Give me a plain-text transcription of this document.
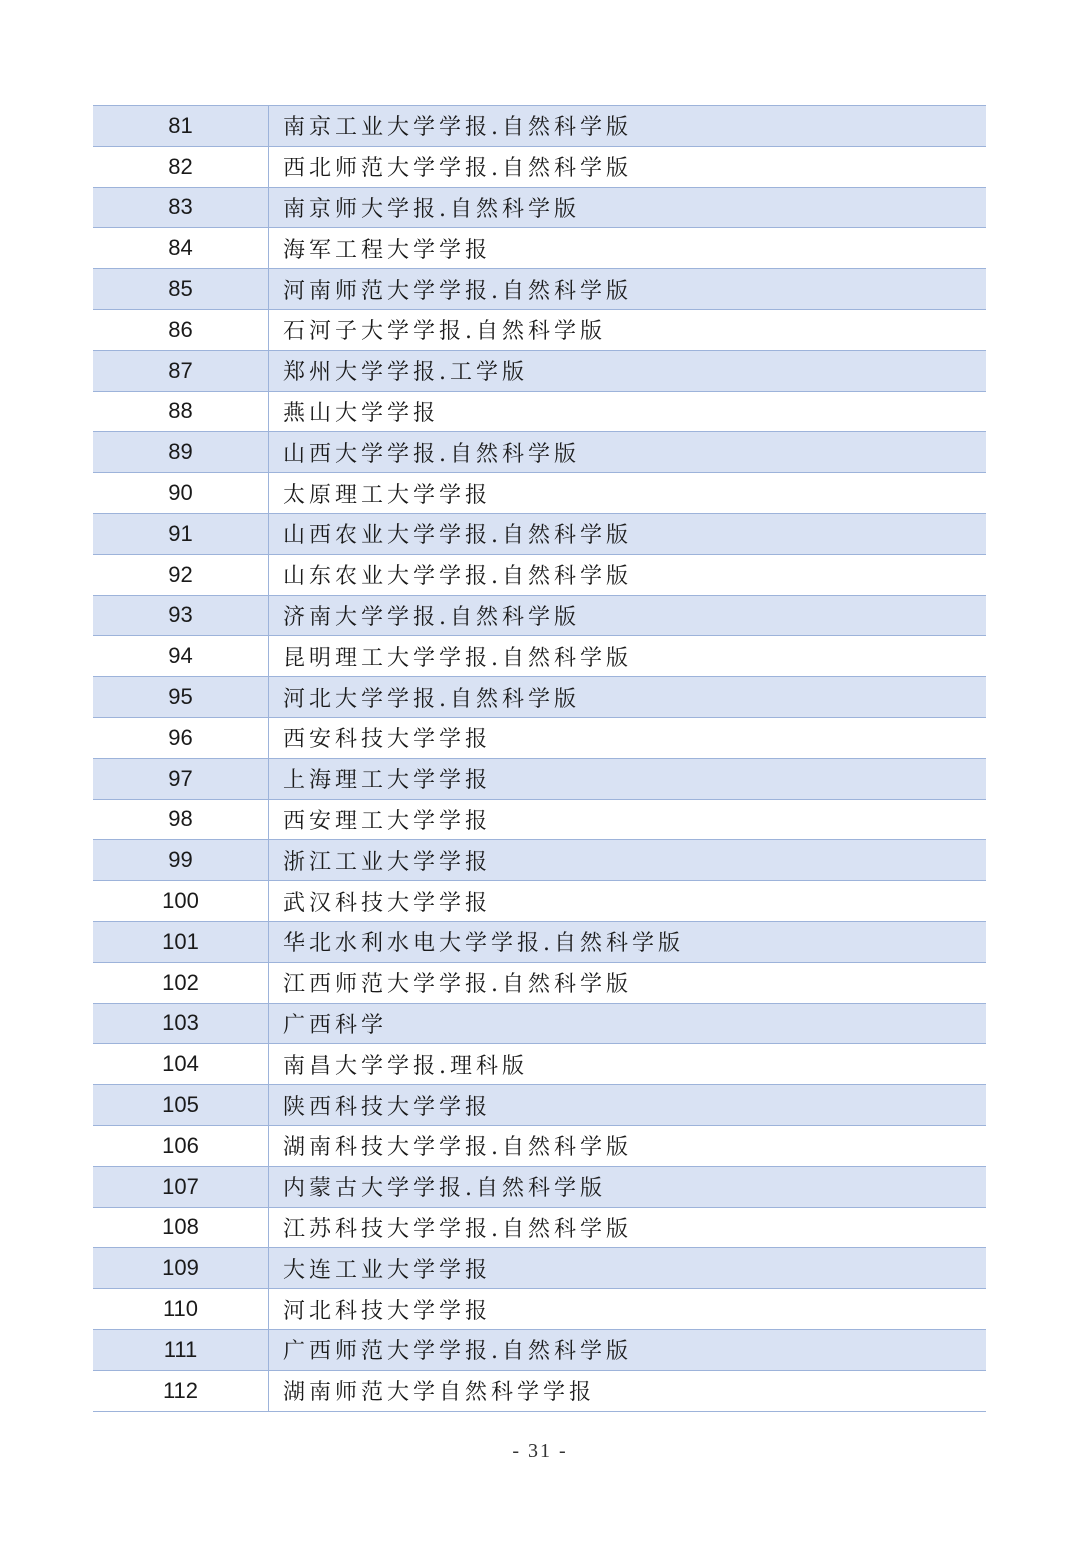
81	南京工业大学学报.自然科学版
82	西北师范大学学报.自然科学版
83	南京师大学报.自然科学版
84	海军工程大学学报
85	河南师范大学学报.自然科学版
86	石河子大学学报.自然科学版
87	郑州大学学报.工学版
88	燕山大学学报
89	山西大学学报.自然科学版
90	太原理工大学学报
91	山西农业大学学报.自然科学版
92	山东农业大学学报.自然科学版
93	济南大学学报.自然科学版
94	昆明理工大学学报.自然科学版
95	河北大学学报.自然科学版
96	西安科技大学学报
97	上海理工大学学报
98	西安理工大学学报
99	浙江工业大学学报
100	武汉科技大学学报
101	华北水利水电大学学报.自然科学版
102	江西师范大学学报.自然科学版
103	广西科学
104	南昌大学学报.理科版
105	陕西科技大学学报
106	湖南科技大学学报.自然科学版
107	内蒙古大学学报.自然科学版
108	江苏科技大学学报.自然科学版
109	大连工业大学学报
110	河北科技大学学报
111	广西师范大学学报.自然科学版
112	湖南师范大学自然科学学报
- 31 -
